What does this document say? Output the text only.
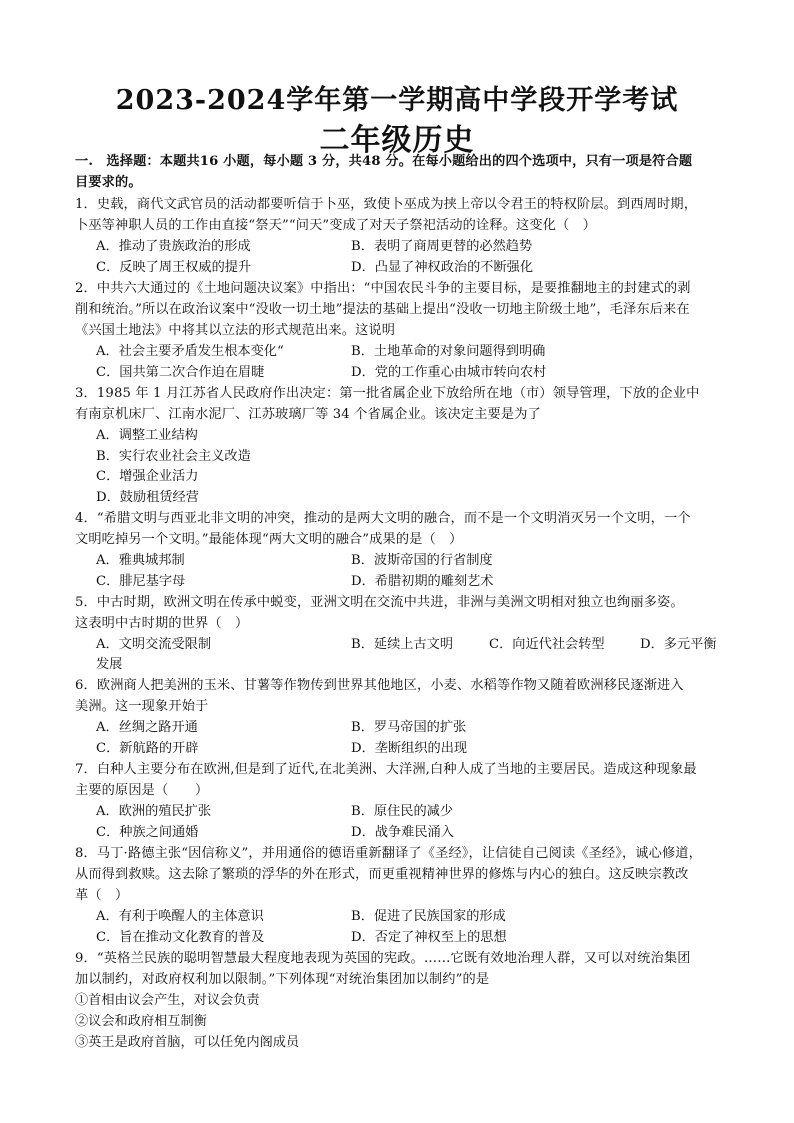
2023-2024学年第一学期高中学段开学考试
二年级历史
一.　选择题：本题共16 小题，每小题 3 分，共48 分。在每小题给出的四个选项中，只有一项是符合题
目要求的。
1．史载，商代文武官员的活动都要听信于卜巫，致使卜巫成为挟上帝以令君王的特权阶层。到西周时期，
卜巫等神职人员的工作由直接“祭天”“问天”变成了对天子祭祀活动的诠释。这变化（　）
A．推动了贵族政治的形成	B．表明了商周更替的必然趋势
C．反映了周王权威的提升	D．凸显了神权政治的不断强化
2．中共六大通过的《土地问题决议案》中指出：“中国农民斗争的主要目标，是要推翻地主的封建式的剥
削和统治。”所以在政治议案中“没收一切土地”提法的基础上提出“没收一切地主阶级土地”，毛泽东后来在
《兴国土地法》中将其以立法的形式规范出来。这说明
A．社会主要矛盾发生根本变化“	B．土地革命的对象问题得到明确
C．国共第二次合作迫在眉睫	D．党的工作重心由城市转向农村
3．1985 年 1 月江苏省人民政府作出决定：第一批省属企业下放给所在地（市）领导管理，下放的企业中
有南京机床厂、江南水泥厂、江苏玻璃厂等 34 个省属企业。该决定主要是为了
A．调整工业结构
B．实行农业社会主义改造
C．增强企业活力
D．鼓励租赁经营
4．“希腊文明与西亚北非文明的冲突，推动的是两大文明的融合，而不是一个文明消灭另一个文明，一个
文明吃掉另一个文明。”最能体现“两大文明的融合”成果的是（　）
A．雅典城邦制	B．波斯帝国的行省制度
C．腓尼基字母	D．希腊初期的雕刻艺术
5．中古时期，欧洲文明在传承中蜕变，亚洲文明在交流中共进，非洲与美洲文明相对独立也绚丽多姿。
这表明中古时期的世界（　）
A．文明交流受限制	B．延续上古文明	C．向近代社会转型	D．多元平衡
发展
6．欧洲商人把美洲的玉米、甘薯等作物传到世界其他地区，小麦、水稻等作物又随着欧洲移民逐渐进入
美洲。这一现象开始于
A．丝绸之路开通	B．罗马帝国的扩张
C．新航路的开辟	D．垄断组织的出现
7．白种人主要分布在欧洲,但是到了近代,在北美洲、大洋洲,白种人成了当地的主要居民。造成这种现象最
主要的原因是（　　）
A．欧洲的殖民扩张	B．原住民的减少
C．种族之间通婚	D．战争难民涌入
8．马丁·路德主张“因信称义”，并用通俗的德语重新翻译了《圣经》，让信徒自己阅读《圣经》，诚心修道，
从而得到救赎。这去除了繁琐的浮华的外在形式，而更重视精神世界的修炼与内心的独白。这反映宗教改
革（　）
A．有利于唤醒人的主体意识	B．促进了民族国家的形成
C．旨在推动文化教育的普及	D．否定了神权至上的思想
9．“英格兰民族的聪明智慧最大程度地表现为英国的宪政。……它既有效地治理人群，又可以对统治集团
加以制约，对政府权利加以限制。”下列体现“对统治集团加以制约”的是
①首相由议会产生，对议会负责
②议会和政府相互制衡
③英王是政府首脑，可以任免内阁成员
